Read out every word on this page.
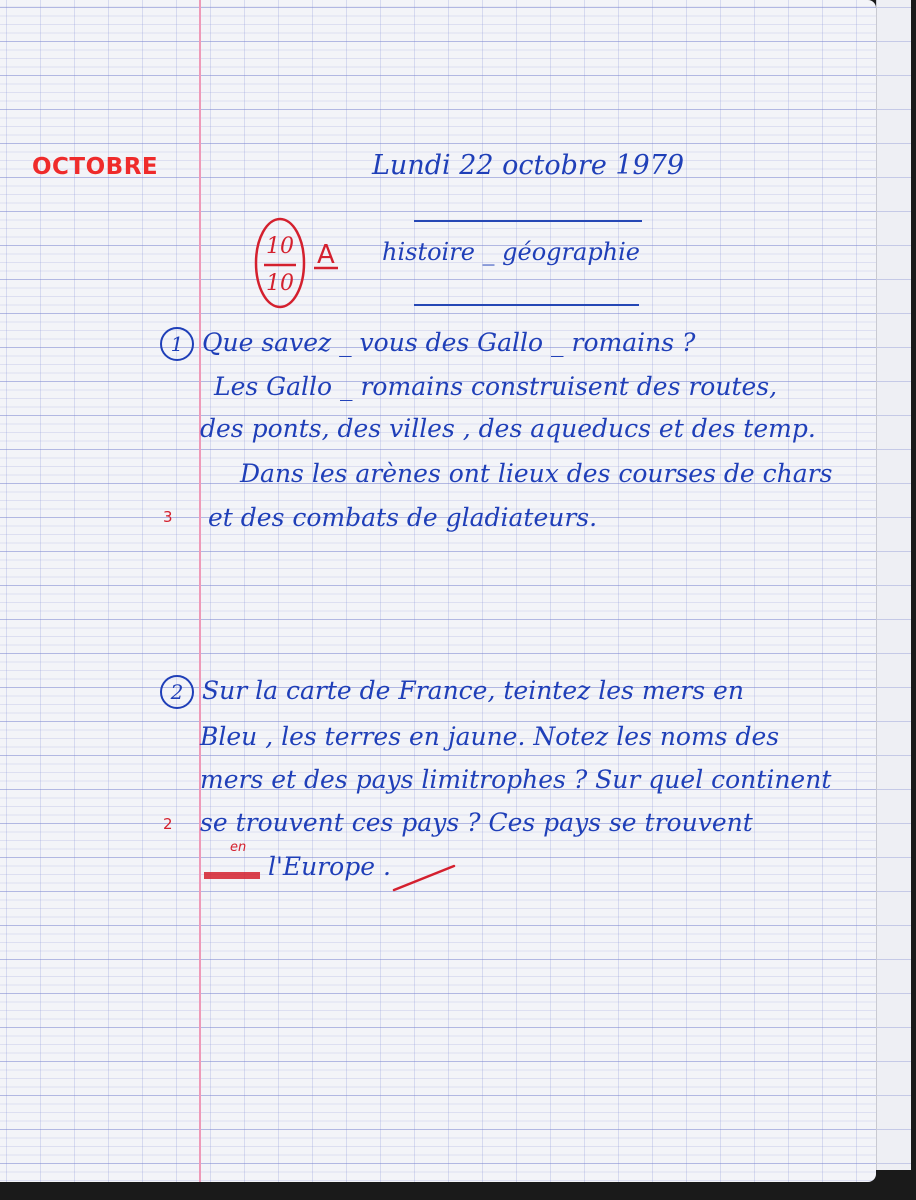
OCTOBRE	Lundi 22 octobre 1979
histoire _ géographie
10
10
A
1 Que savez _ vous des Gallo _ romains ?
Les Gallo _ romains construisent des routes,
des ponts, des villes , des aqueducs et des temp.
Dans les arènes ont lieux des courses de chars
3 et des combats de gladiateurs.
2 Sur la carte de France, teintez les mers en
Bleu , les terres en jaune. Notez les noms des
mers et des pays limitrophes ? Sur quel continent
2 se trouvent ces pays ? Ces pays se trouvent
en
l'Europe .
